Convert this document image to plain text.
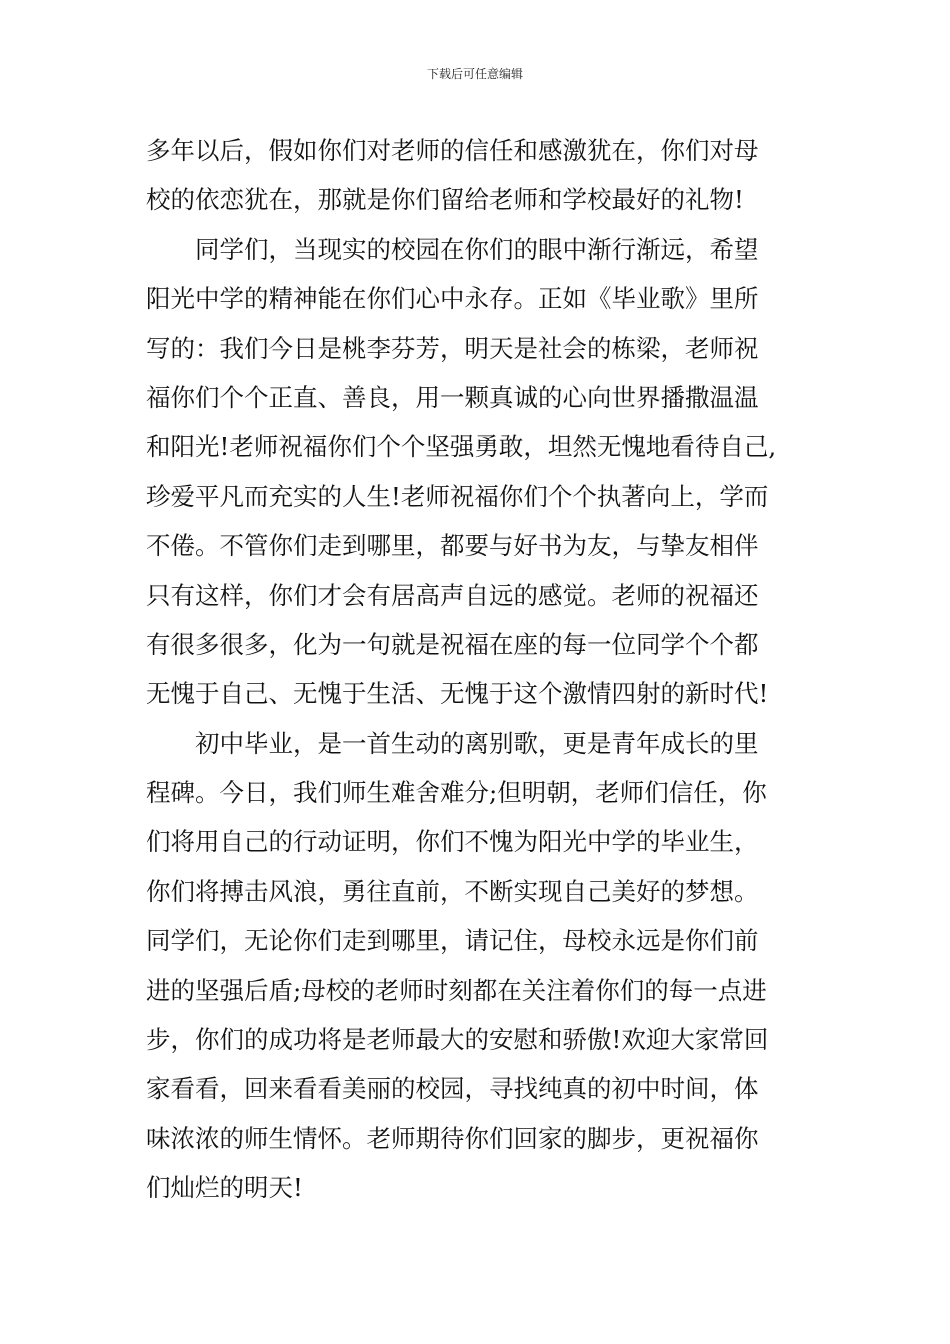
下载后可任意编辑
多年以后，假如你们对老师的信任和感激犹在，你们对母
校的依恋犹在，那就是你们留给老师和学校最好的礼物!
　　同学们，当现实的校园在你们的眼中渐行渐远，希望
阳光中学的精神能在你们心中永存。正如《毕业歌》里所
写的：我们今日是桃李芬芳，明天是社会的栋梁，老师祝
福你们个个正直、善良，用一颗真诚的心向世界播撒温温
和阳光!老师祝福你们个个坚强勇敢，坦然无愧地看待自己,
珍爱平凡而充实的人生!老师祝福你们个个执著向上，学而
不倦。不管你们走到哪里，都要与好书为友，与挚友相伴
只有这样，你们才会有居高声自远的感觉。老师的祝福还
有很多很多，化为一句就是祝福在座的每一位同学个个都
无愧于自己、无愧于生活、无愧于这个激情四射的新时代!
　　初中毕业，是一首生动的离别歌，更是青年成长的里
程碑。今日，我们师生难舍难分;但明朝，老师们信任，你
们将用自己的行动证明，你们不愧为阳光中学的毕业生，
你们将搏击风浪，勇往直前，不断实现自己美好的梦想。
同学们，无论你们走到哪里，请记住，母校永远是你们前
进的坚强后盾;母校的老师时刻都在关注着你们的每一点进
步，你们的成功将是老师最大的安慰和骄傲!欢迎大家常回
家看看，回来看看美丽的校园，寻找纯真的初中时间，体
味浓浓的师生情怀。老师期待你们回家的脚步，更祝福你
们灿烂的明天!
